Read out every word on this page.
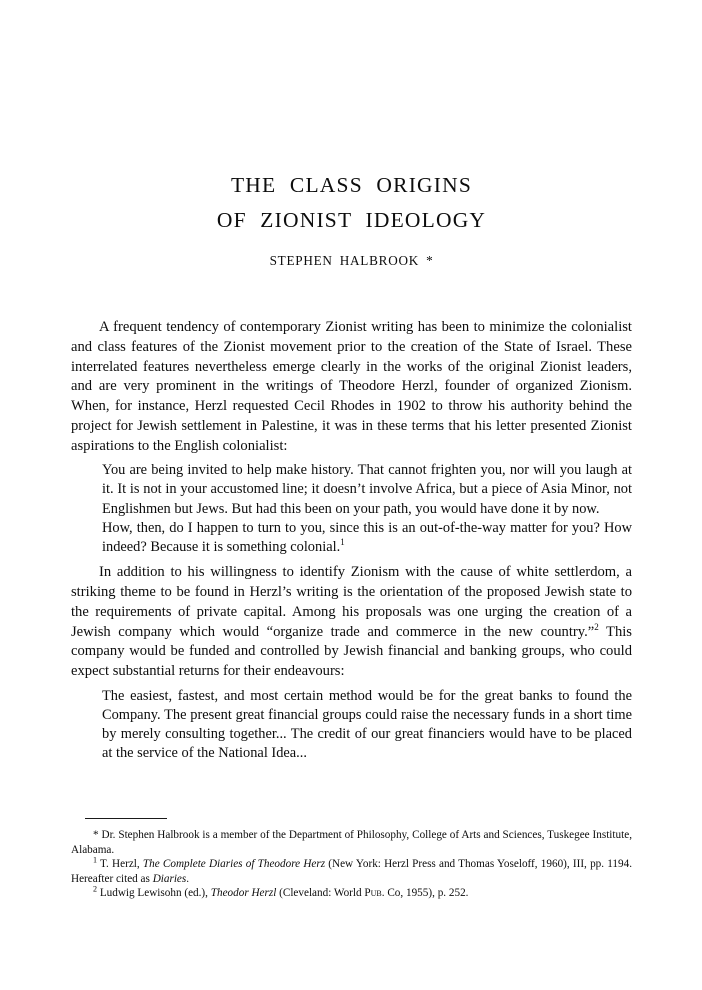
THE CLASS ORIGINS
OF ZIONIST IDEOLOGY
STEPHEN HALBROOK *

A frequent tendency of contemporary Zionist writing has been to minimize the colonialist and class features of the Zionist movement prior to the creation of the State of Israel. These interrelated features nevertheless emerge clearly in the works of the original Zionist leaders, and are very prominent in the writings of Theodore Herzl, founder of organized Zionism. When, for instance, Herzl requested Cecil Rhodes in 1902 to throw his authority behind the project for Jewish settlement in Palestine, it was in these terms that his letter presented Zionist aspirations to the English colonialist:

You are being invited to help make history. That cannot frighten you, nor will you laugh at it. It is not in your accustomed line; it doesn’t involve Africa, but a piece of Asia Minor, not Englishmen but Jews. But had this been on your path, you would have done it by now.

How, then, do I happen to turn to you, since this is an out-of-the-way matter for you? How indeed? Because it is something colonial.$^1$

In addition to his willingness to identify Zionism with the cause of white settlerdom, a striking theme to be found in Herzl’s writing is the orientation of the proposed Jewish state to the requirements of private capital. Among his proposals was one urging the creation of a Jewish company which would “organize trade and commerce in the new country.”$^2$ This company would be funded and controlled by Jewish financial and banking groups, who could expect substantial returns for their endeavours:

The easiest, fastest, and most certain method would be for the great banks to found the Company. The present great financial groups could raise the necessary funds in a short time by merely consulting together... The credit of our great financiers would have to be placed at the service of the National Idea...

* Dr. Stephen Halbrook is a member of the Department of Philosophy, College of Arts and Sciences, Tuskegee Institute, Alabama.

$^1$ T. Herzl, The Complete Diaries of Theodore Herz (New York: Herzl Press and Thomas Yoseloff, 1960), III, pp. 1194. Hereafter cited as Diaries.

$^2$ Ludwig Lewisohn (ed.), Theodor Herzl (Cleveland: World Pub. Co, 1955), p. 252.
